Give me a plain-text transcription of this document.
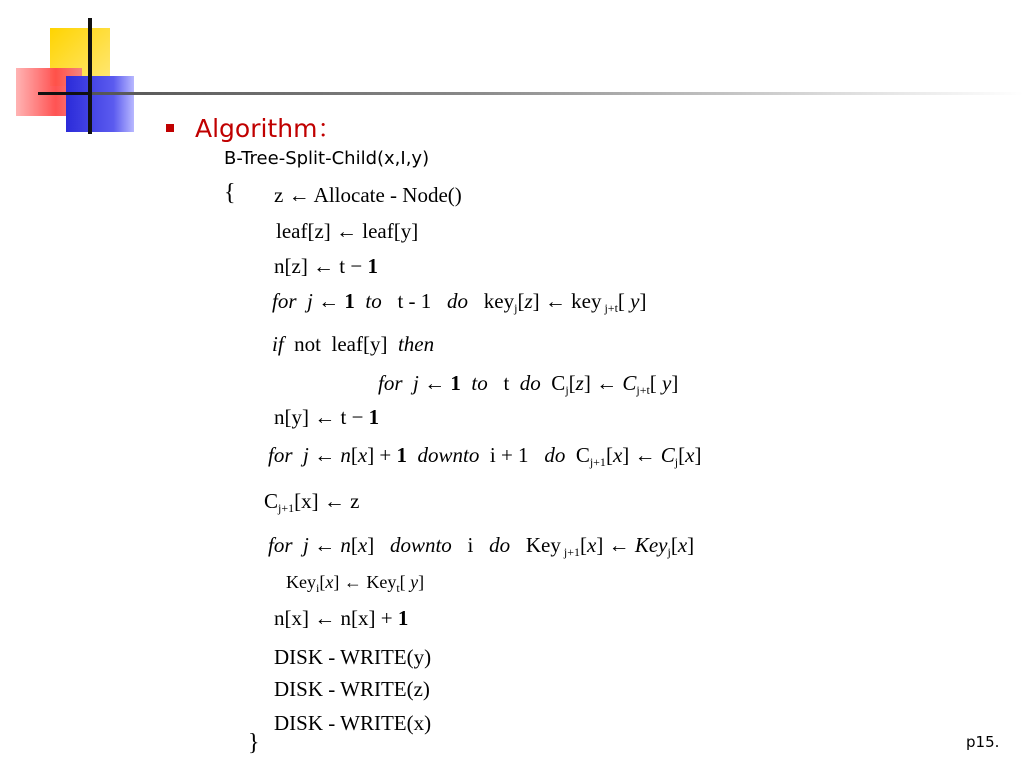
Algorithm：
B-Tree-Split-Child(x,I,y)
{ z ← Allocate - Node()
leaf[z] ← leaf[y]
n[z] ← t − 1
for j ← 1 to   t - 1   do   key$_j$[z] ← key $_{j+t}$[ y]
if  not  leaf[y]  then
for j ← 1 to   t  do  $C_j[z]$ ← $C_{j+t}$[ y]
n[y] ← t − 1
for j ← n[x] + 1 downto  i + 1   do  $C_{j+1}[x]$ ← $C_j[x]$
$C_{j+1}[x]$ ← z
for j ← n[x]   downto   i   do   Key $_{j+1}$[x] ← Key$_j$[x]
Key$_i$[x] ← Key$_t$[ y]
n[x] ← n[x] + 1
DISK - WRITE(y)
DISK - WRITE(z)
DISK - WRITE(x)
}	p15.
